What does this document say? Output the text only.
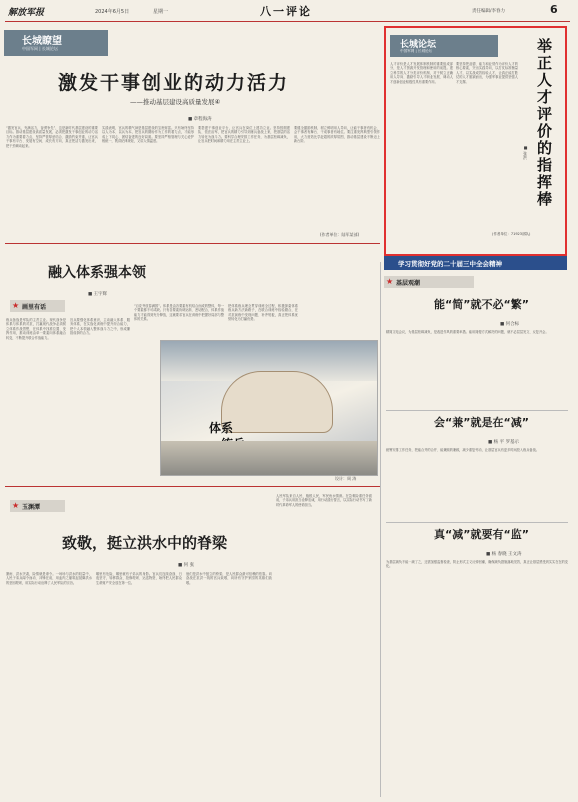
解放军报	2024年6月5日	星期一	八一评论	责任编辑/李春力	6
长城瞭望
中国军网 | 长城论坛
激发干事创业的动力活力
——推动基层建设高质量发展④
■ 章程海涛
“激发官兵，充满活力，奋勇争先”，这是新时代基层建设的重要目标。推动基层建设高质量发展，必须把激发干事创业的动力活力作为重要着力点，坚持严管厚爱结合、激励约束并重，让官兵干事有平台、发展有空间、成长有方向，真正把活力激发出来，把干劲调动起来。
实践表明，官兵的精气神是基层建设的宝贵财富。只有始终坚持以人为本、以兵为本，把官兵的期盼作为工作的着力点，才能形成上下同心、团结奋进的良好局面。要坚持严格管理与关心爱护相统一，既讲纪律规矩，又讲人情温度。
要搭建干事创业平台，让官兵在岗位上建功立业。坚持按纲建队、依法治军，把官兵的精力引导到练兵备战上来，把基层的活力转化为战斗力。要科学合理安排工作任务，为基层松绑减负，让官兵把时间和精力用在主责主业上。
要健全激励机制，树立鲜明用人导向，让能干事者有机会、会干事者有舞台、干成事者有地位。要注重发挥典型引领作用，大力营造比学赶超的浓厚氛围，推动基层建设不断迈上新台阶。
(作者单位：陆军某部)
长城论坛
中国军网 | 长城论坛	举正人才评价的指挥棒
■ 张洪
人才评价是人才发展体制机制的重要组成部分，是人才资源开发管理和使用的前提。建立科学的人才分类评价机制，对于树立正确用人导向、激励引导人才职业发展、调动人才创新创业积极性具有重要作用。
要坚持把品德、能力和业绩作为评价人才的核心要素，突出实践导向，以打仗标准衡量人才，以实战成效检验人才，让真正能打胜仗的人才脱颖而出，为强军事业提供坚强人才支撑。
(作者单位：71923部队)
学习贯彻好党的二十届三中全会精神
融入体系强本领
■ 王宇辉
★ 画里有话
练兵备战是军队的主责主业。现代战争是体系与体系的对抗，打赢现代战争必须树立体系作战思想，在体系中找准位置、发挥作用，推动训练由单一要素向体系融合转变，不断提升联合作战能力。
官兵要强化体系意识，主动融入体系、服务体系，在实战化训练中提升综合能力，把个人本领融入整体战斗力之中，形成攥指成拳的合力。
“百花齐放春满园”。体系是由各要素有机结合而成的整体，每一个要素都不可或缺。只有各要素协调运转、密切配合，体系作战能力才能得到充分释放，这就要求官兵在训练中把握好局部与整体的关系。
把体系练兵理念贯穿训练全过程，积极探索体系练兵新方法新路子，在联合训练中检验磨合，在对抗演练中发现问题、补齐短板，真正把体系优势转化为打赢优势。
体系
设计：周 涛
★ 玉渊潭
致敬，挺立洪水中的脊梁
■ 何 张
暴雨、洪水突袭，险情就是命令。一场场与洪水的较量中，人民子弟兵闻令而动、冲锋在前，用血肉之躯筑起抵御洪水的坚固堤坝，用实际行动诠释了人民军队的宗旨。
哪里有危险，哪里就有子弟兵的身影。官兵们连续奋战、日夜坚守，转移群众、抢修堤坝、运送物资，始终把人民群众生命财产安全放在第一位。
他们是洪水中挺立的脊梁，是人民群众最可信赖的依靠。向奋战在抗洪一线的官兵致敬，向所有守护家园的英雄们致敬。
人民军队来自人民、植根人民，军民鱼水情深。在急难险重任务面前，子弟兵用担当诠释忠诚，用行动践行誓言，以实际行动书写了新时代革命军人的使命担当。
★ 基层观潮
能“简”就不必“繁”
■ 何合标
精简文电会议，为基层松绑减负，是改进作风的重要举措。能用简便方式解决的问题，就不必层层发文、反复开会。
会“兼”就是在“减”
■ 杨 平 罗基示
统筹安排工作任务，把能合并的合并、能兼顾的兼顾，减少重复劳动，让基层官兵有更多时间投入练兵备战。
真“减”就要有“监”
■ 杨 春晓 王文涛
为基层减负不能一减了之，还需加强监督检查，防止形式主义反弹回潮，确保减负措施落地见效，真正让基层感受到实实在在的变化。
